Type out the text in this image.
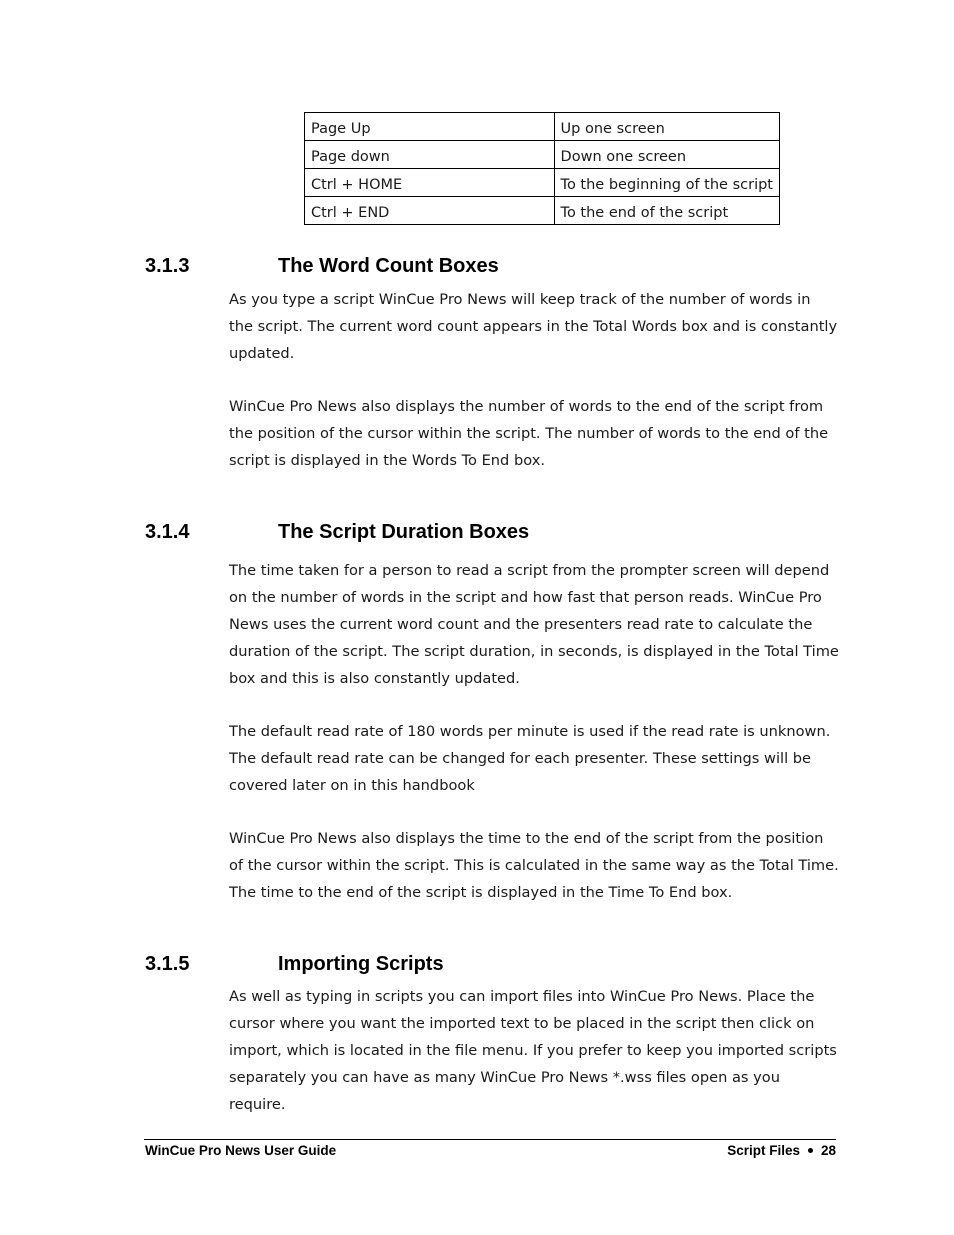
Page Up	Up one screen
Page down	Down one screen
Ctrl + HOME	To the beginning of the script
Ctrl + END	To the end of the script
3.1.3	The Word Count Boxes

As you type a script WinCue Pro News will keep track of the number of words in the script. The current word count appears in the Total Words box and is constantly updated.

WinCue Pro News also displays the number of words to the end of the script from the position of the cursor within the script. The number of words to the end of the script is displayed in the Words To End box.

3.1.4	The Script Duration Boxes

The time taken for a person to read a script from the prompter screen will depend on the number of words in the script and how fast that person reads. WinCue Pro News uses the current word count and the presenters read rate to calculate the duration of the script. The script duration, in seconds, is displayed in the Total Time box and this is also constantly updated.

The default read rate of 180 words per minute is used if the read rate is unknown. The default read rate can be changed for each presenter. These settings will be covered later on in this handbook

WinCue Pro News also displays the time to the end of the script from the position of the cursor within the script. This is calculated in the same way as the Total Time. The time to the end of the script is displayed in the Time To End box.

3.1.5	Importing Scripts

As well as typing in scripts you can import files into WinCue Pro News. Place the cursor where you want the imported text to be placed in the script then click on import, which is located in the file menu. If you prefer to keep you imported scripts separately you can have as many WinCue Pro News *.wss files open as you require.

WinCue Pro News User Guide	Script Files 28
